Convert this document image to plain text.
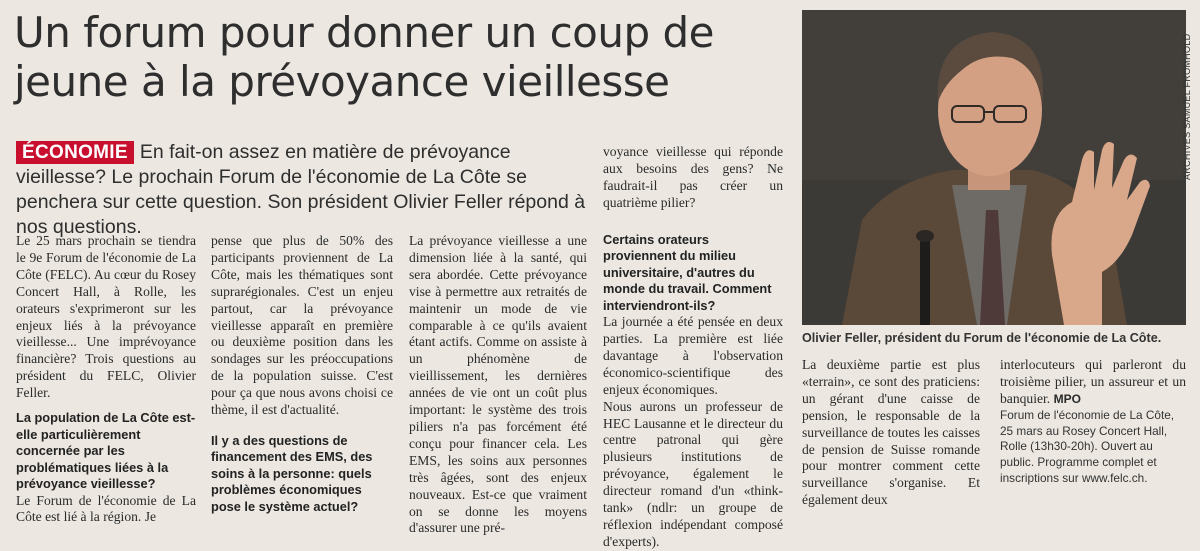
Un forum pour donner un coup de jeune à la prévoyance vieillesse
ÉCONOMIE En fait-on assez en matière de prévoyance vieillesse? Le prochain Forum de l'économie de La Côte se penchera sur cette question. Son président Olivier Feller répond à nos questions.

Le 25 mars prochain se tiendra le 9e Forum de l'économie de La Côte (FELC). Au cœur du Rosey Concert Hall, à Rolle, les orateurs s'exprimeront sur les enjeux liés à la prévoyance vieillesse... Une imprévoyance financière? Trois questions au président du FELC, Olivier Feller.

La population de La Côte est-elle particulièrement concernée par les problématiques liées à la prévoyance vieillesse?

Le Forum de l'économie de La Côte est lié à la région. Je

pense que plus de 50% des participants proviennent de La Côte, mais les thématiques sont suprarégionales. C'est un enjeu partout, car la prévoyance vieillesse apparaît en première ou deuxième position dans les sondages sur les préoccupations de la population suisse. C'est pour ça que nous avons choisi ce thème, il est d'actualité.

Il y a des questions de financement des EMS, des soins à la personne: quels problèmes économiques pose le système actuel?

La prévoyance vieillesse a une dimension liée à la santé, qui sera abordée. Cette prévoyance vise à permettre aux retraités de maintenir un mode de vie comparable à ce qu'ils avaient étant actifs. Comme on assiste à un phénomène de vieillissement, les dernières années de vie ont un coût plus important: le système des trois piliers n'a pas forcément été conçu pour financer cela. Les EMS, les soins aux personnes très âgées, sont des enjeux nouveaux. Est-ce que vraiment on se donne les moyens d'assurer une pré-

voyance vieillesse qui réponde aux besoins des gens? Ne faudrait-il pas créer un quatrième pilier?

Certains orateurs proviennent du milieu universitaire, d'autres du monde du travail. Comment interviendront-ils?

La journée a été pensée en deux parties. La première est liée davantage à l'observation économico-scientifique des enjeux économiques.

Nous aurons un professeur de HEC Lausanne et le directeur du centre patronal qui gère plusieurs institutions de prévoyance, également le directeur romand d'un «think-tank» (ndlr: un groupe de réflexion indépendant composé d'experts).

ARCHIVES SAMUEL FROMHOLD
Olivier Feller, président du Forum de l'économie de La Côte.

La deuxième partie est plus «terrain», ce sont des praticiens: un gérant d'une caisse de pension, le responsable de la surveillance de toutes les caisses de pension de Suisse romande pour montrer comment cette surveillance s'organise. Et également deux

interlocuteurs qui parleront du troisième pilier, un assureur et un banquier. MPO

Forum de l'économie de La Côte, 25 mars au Rosey Concert Hall, Rolle (13h30-20h). Ouvert au public. Programme complet et inscriptions sur www.felc.ch.
